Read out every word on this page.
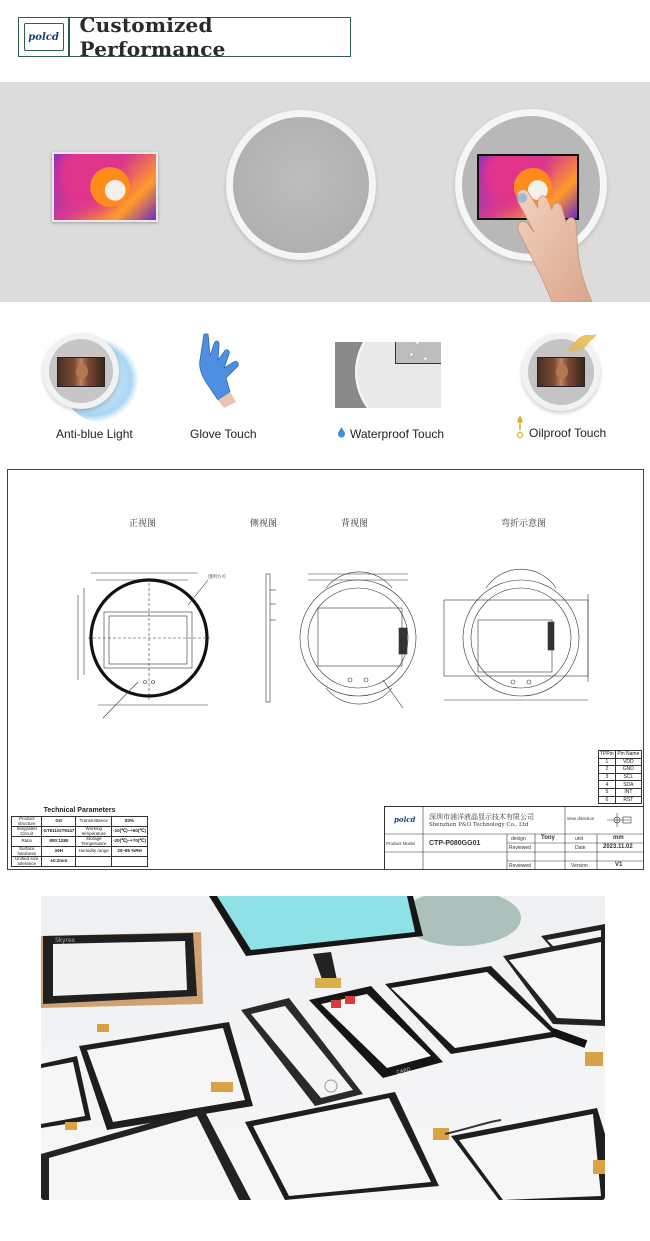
polcd	Customized Performance
Anti-blue Light	Glove Touch	Waterproof Touch	Oilproof Touch
正视图	侧视图	背视图	弯折示意图
透明方可
Technical Parameters
Product structure	GG	Transmittance	83%
Integrated Circuit	GT911/GT9147	Working temperature	-10(℃)~+60(℃)
Ratio	800:1280	Storage Temperature	-20(℃)~+70(℃)
Surface hardness	≥6H	Humidity range	20~85 %RH
Unified size tolerance	±0.2mm		
TPPin	Pin Name
1	VDD
2	GND
3	SCL
4	SDA
5	INT
6	RST
polcd 深圳市浦洋液晶显示技术有限公司
Shenzhen P&O Technology Co., Ltd
view direction
Product Model CTP-P080GG01
design	Tony	unit	mm
Reviewed	Date	2023.11.02
Reviewed	Version	V1
Skyrex
CARD
